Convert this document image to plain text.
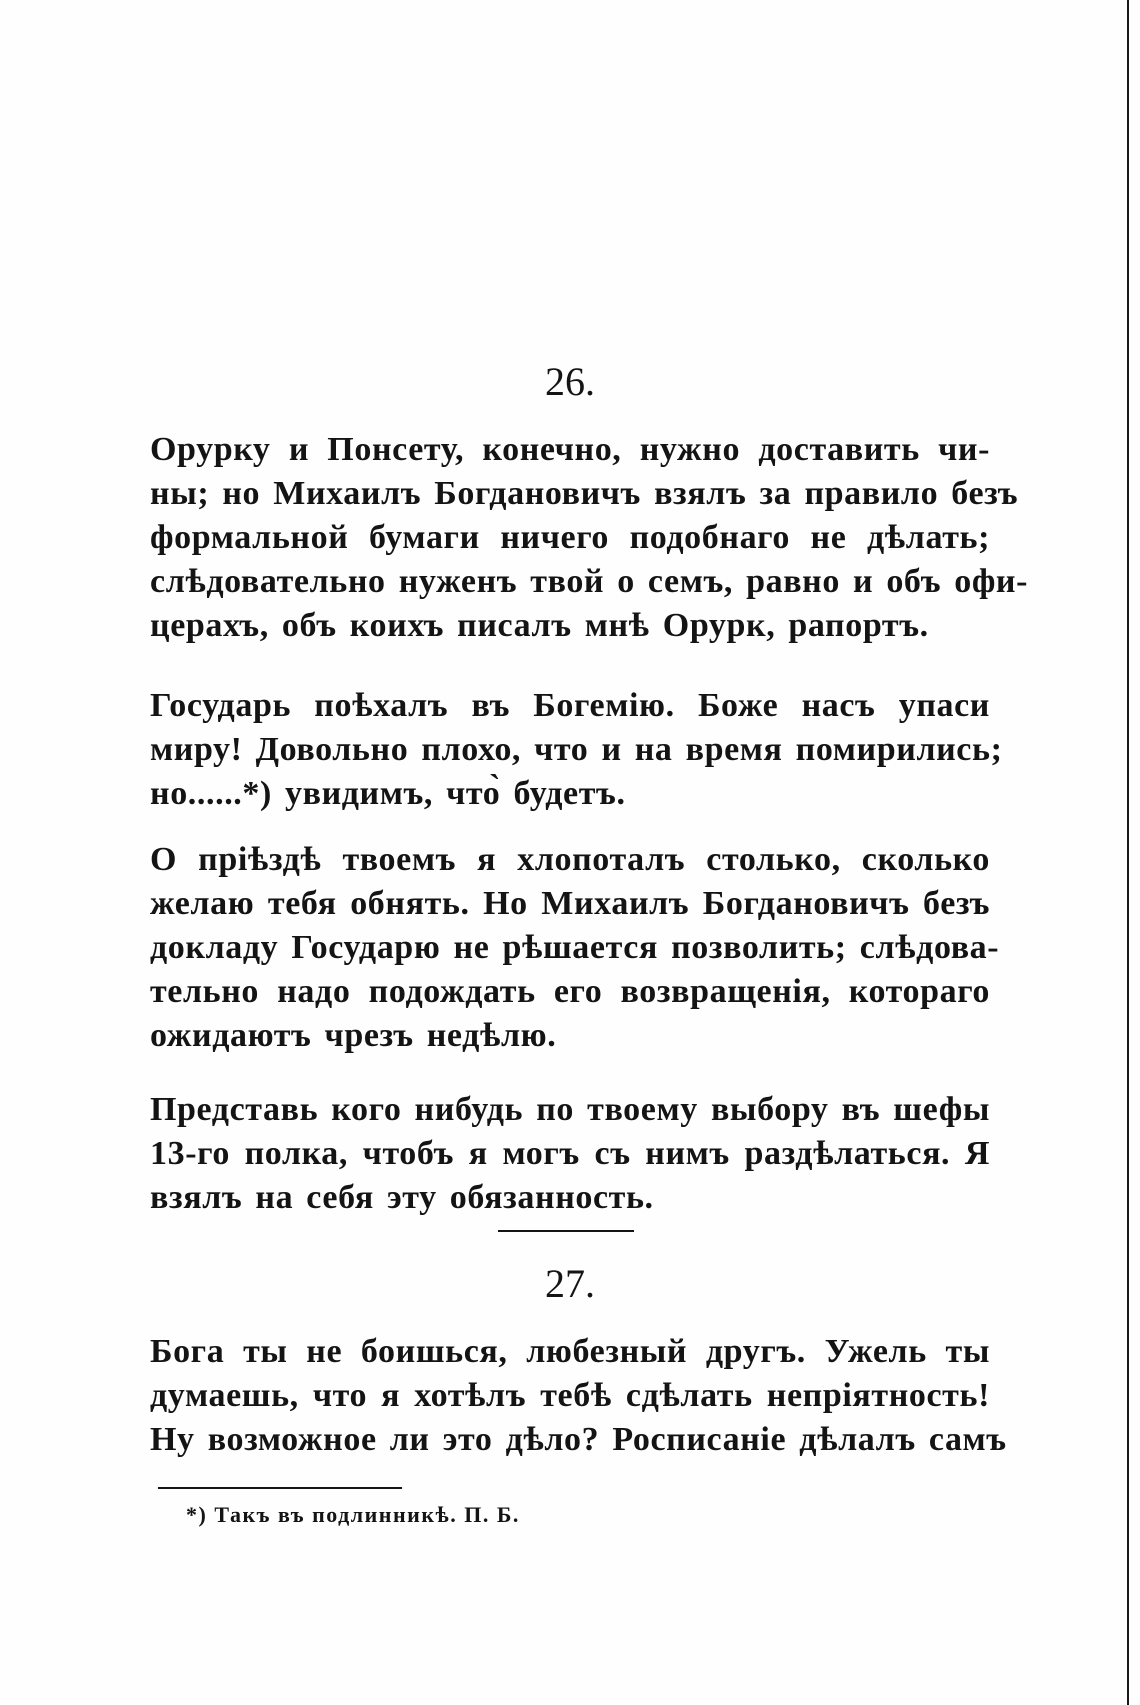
26.

Орурку и Понсету, конечно, нужно доставить чи-
ны; но Михаилъ Богдановичъ взялъ за правило безъ
формальной бумаги ничего подобнаго не дѣлать;
слѣдовательно нуженъ твой о семъ, равно и объ офи-
церахъ, объ коихъ писалъ мнѣ Орурк, рапортъ.

Государь поѣхалъ въ Богемію. Боже насъ упаси
миру! Довольно плохо, что и на время помирились;
но......*) увидимъ, что̀ будетъ.

О пріѣздѣ твоемъ я хлопоталъ столько, сколько
желаю тебя обнять. Но Михаилъ Богдановичъ безъ
докладу Государю не рѣшается позволить; слѣдова-
тельно надо подождать его возвращенія, котораго
ожидаютъ чрезъ недѣлю.

Представь кого нибудь по твоему выбору въ шефы
13-го полка, чтобъ я могъ съ нимъ раздѣлаться. Я
взялъ на себя эту обязанность.

27.

Бога ты не боишься, любезный другъ. Ужель ты
думаешь, что я хотѣлъ тебѣ сдѣлать непріятность!
Ну возможное ли это дѣло? Росписаніе дѣлалъ самъ

*) Такъ въ подлинникѣ. П. Б.
